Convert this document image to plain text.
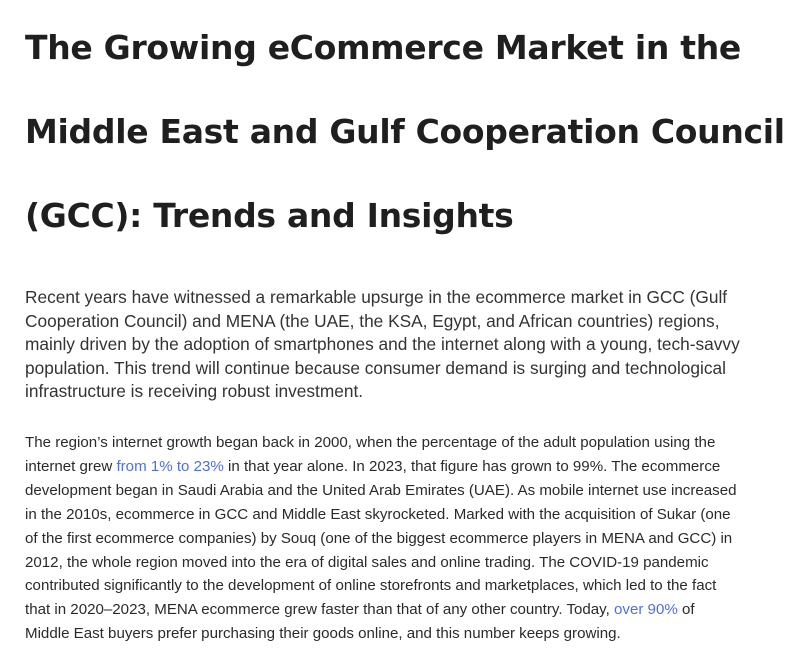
The Growing eCommerce Market in the
Middle East and Gulf Cooperation Council
(GCC): Trends and Insights

Recent years have witnessed a remarkable upsurge in the ecommerce market in GCC (Gulf
Cooperation Council) and MENA (the UAE, the KSA, Egypt, and African countries) regions,
mainly driven by the adoption of smartphones and the internet along with a young, tech-savvy
population. This trend will continue because consumer demand is surging and technological
infrastructure is receiving robust investment.

The region’s internet growth began back in 2000, when the percentage of the adult population using the
internet grew from 1% to 23% in that year alone. In 2023, that figure has grown to 99%. The ecommerce
development began in Saudi Arabia and the United Arab Emirates (UAE). As mobile internet use increased
in the 2010s, ecommerce in GCC and Middle East skyrocketed. Marked with the acquisition of Sukar (one
of the first ecommerce companies) by Souq (one of the biggest ecommerce players in MENA and GCC) in
2012, the whole region moved into the era of digital sales and online trading. The COVID-19 pandemic
contributed significantly to the development of online storefronts and marketplaces, which led to the fact
that in 2020–2023, MENA ecommerce grew faster than that of any other country. Today, over 90% of
Middle East buyers prefer purchasing their goods online, and this number keeps growing.
